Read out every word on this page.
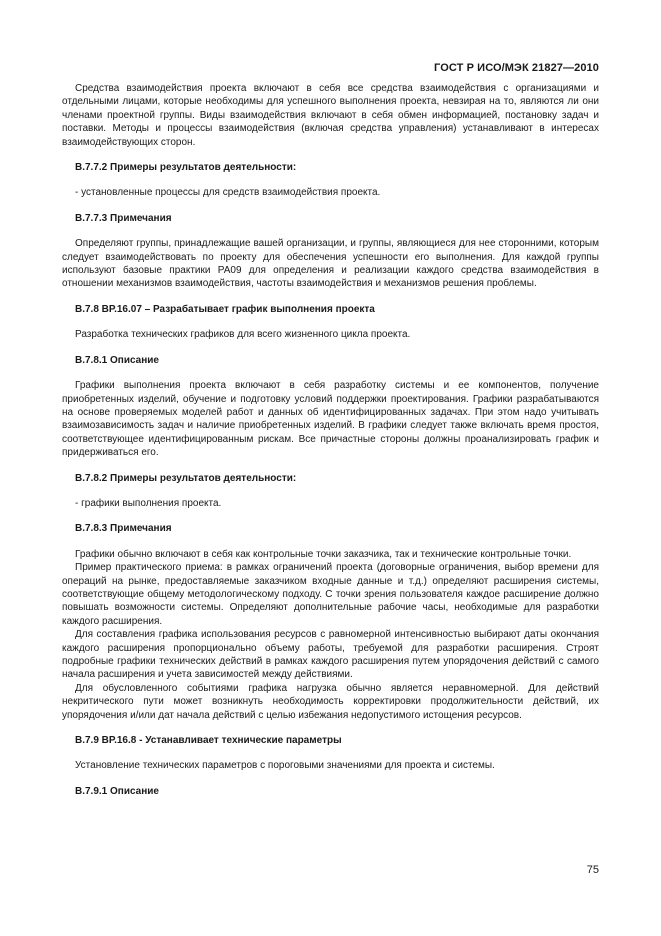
ГОСТ Р ИСО/МЭК 21827—2010

Средства взаимодействия проекта включают в себя все средства взаимодействия с организациями и отдельными лицами, которые необходимы для успешного выполнения проекта, невзирая на то, являются ли они членами проектной группы. Виды взаимодействия включают в себя обмен информацией, постановку задач и поставки. Методы и процессы взаимодействия (включая средства управления) устанавливают в интересах взаимодействующих сторон.

В.7.7.2 Примеры результатов деятельности:

- установленные процессы для средств взаимодействия проекта.

В.7.7.3 Примечания

Определяют группы, принадлежащие вашей организации, и группы, являющиеся для нее сторонними, которым следует взаимодействовать по проекту для обеспечения успешности его выполнения. Для каждой группы используют базовые практики РА09 для определения и реализации каждого средства взаимодействия в отношении механизмов взаимодействия, частоты взаимодействия и механизмов решения проблемы.

В.7.8 ВР.16.07 – Разрабатывает график выполнения проекта

Разработка технических графиков для всего жизненного цикла проекта.

В.7.8.1 Описание

Графики выполнения проекта включают в себя разработку системы и ее компонентов, получение приобретенных изделий, обучение и подготовку условий поддержки проектирования. Графики разрабатываются на основе проверяемых моделей работ и данных об идентифицированных задачах. При этом надо учитывать взаимозависимость задач и наличие приобретенных изделий. В графики следует также включать время простоя, соответствующее идентифицированным рискам. Все причастные стороны должны проанализировать график и придерживаться его.

В.7.8.2 Примеры результатов деятельности:

- графики выполнения проекта.

В.7.8.3 Примечания

Графики обычно включают в себя как контрольные точки заказчика, так и технические контрольные точки.

Пример практического приема: в рамках ограничений проекта (договорные ограничения, выбор времени для операций на рынке, предоставляемые заказчиком входные данные и т.д.) определяют расширения системы, соответствующие общему методологическому подходу. С точки зрения пользователя каждое расширение должно повышать возможности системы. Определяют дополнительные рабочие часы, необходимые для разработки каждого расширения.

Для составления графика использования ресурсов с равномерной интенсивностью выбирают даты окончания каждого расширения пропорционально объему работы, требуемой для разработки расширения. Строят подробные графики технических действий в рамках каждого расширения путем упорядочения действий с самого начала расширения и учета зависимостей между действиями.

Для обусловленного событиями графика нагрузка обычно является неравномерной. Для действий некритического пути может возникнуть необходимость корректировки продолжительности действий, их упорядочения и/или дат начала действий с целью избежания недопустимого истощения ресурсов.

В.7.9 ВР.16.8 - Устанавливает технические параметры

Установление технических параметров с пороговыми значениями для проекта и системы.

В.7.9.1 Описание
75
